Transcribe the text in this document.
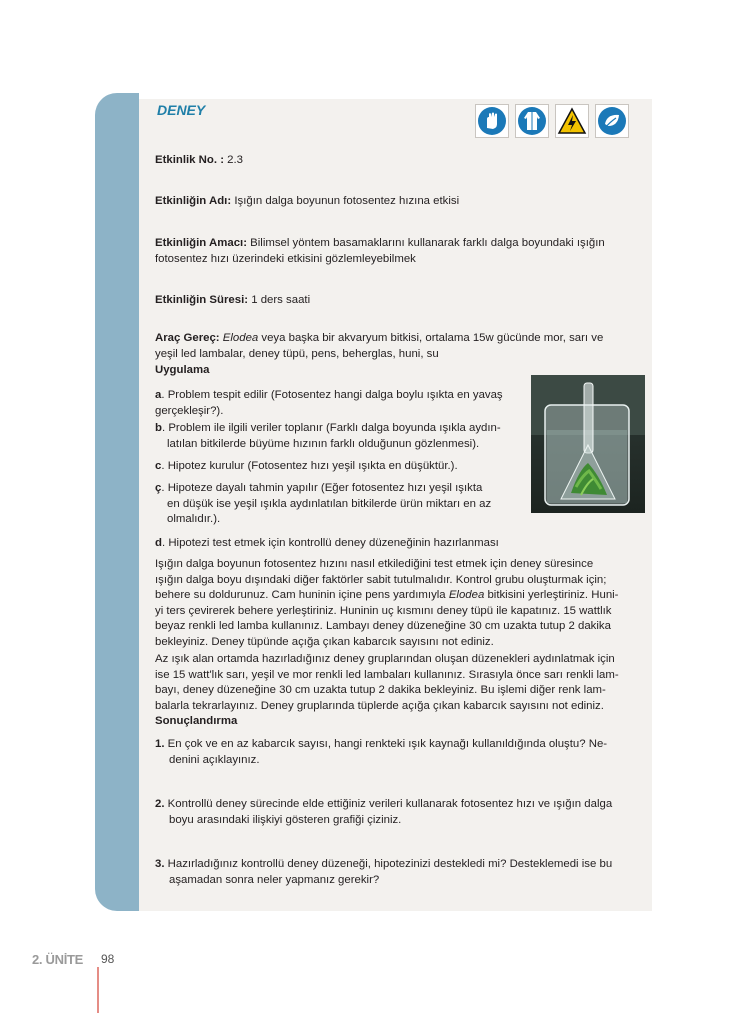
DENEY
Etkinlik No. : 2.3
Etkinliğin Adı: Işığın dalga boyunun fotosentez hızına etkisi
Etkinliğin Amacı: Bilimsel yöntem basamaklarını kullanarak farklı dalga boyundaki ışığın
fotosentez hızı üzerindeki etkisini gözlemleyebilmek
Etkinliğin Süresi: 1 ders saati
Araç Gereç: Elodea veya başka bir akvaryum bitkisi, ortalama 15w gücünde mor, sarı ve
yeşil led lambalar, deney tüpü, pens, beherglas, huni, su
Uygulama
a. Problem tespit edilir (Fotosentez hangi dalga boylu ışıkta en yavaş
gerçekleşir?).
b. Problem ile ilgili veriler toplanır (Farklı dalga boyunda ışıkla aydın-
latılan bitkilerde büyüme hızının farklı olduğunun gözlenmesi).
c. Hipotez kurulur (Fotosentez hızı yeşil ışıkta en düşüktür.).
ç. Hipoteze dayalı tahmin yapılır (Eğer fotosentez hızı yeşil ışıkta
en düşük ise yeşil ışıkla aydınlatılan bitkilerde ürün miktarı en az
olmalıdır.).
d. Hipotezi test etmek için kontrollü deney düzeneğinin hazırlanması
Işığın dalga boyunun fotosentez hızını nasıl etkilediğini test etmek için deney süresince
ışığın dalga boyu dışındaki diğer faktörler sabit tutulmalıdır. Kontrol grubu oluşturmak için;
behere su doldurunuz. Cam huninin içine pens yardımıyla Elodea bitkisini yerleştiriniz. Huni-
yi ters çevirerek behere yerleştiriniz. Huninin uç kısmını deney tüpü ile kapatınız. 15 wattlık
beyaz renkli led lamba kullanınız. Lambayı deney düzeneğine 30 cm uzakta tutup 2 dakika
bekleyiniz. Deney tüpünde açığa çıkan kabarcık sayısını not ediniz.
Az ışık alan ortamda hazırladığınız deney gruplarından oluşan düzenekleri aydınlatmak için
ise 15 watt'lık sarı, yeşil ve mor renkli led lambaları kullanınız. Sırasıyla önce sarı renkli lam-
bayı, deney düzeneğine 30 cm uzakta tutup 2 dakika bekleyiniz. Bu işlemi diğer renk lam-
balarla tekrarlayınız. Deney gruplarında tüplerde açığa çıkan kabarcık sayısını not ediniz.
Sonuçlandırma
1. En çok ve en az kabarcık sayısı, hangi renkteki ışık kaynağı kullanıldığında oluştu? Ne-
denini açıklayınız.
2. Kontrollü deney sürecinde elde ettiğiniz verileri kullanarak fotosentez hızı ve ışığın dalga
boyu arasındaki ilişkiyi gösteren grafiği çiziniz.
3. Hazırladığınız kontrollü deney düzeneği, hipotezinizi destekledi mi? Desteklemedi ise bu
aşamadan sonra neler yapmanız gerekir?
2. ÜNİTE 98
